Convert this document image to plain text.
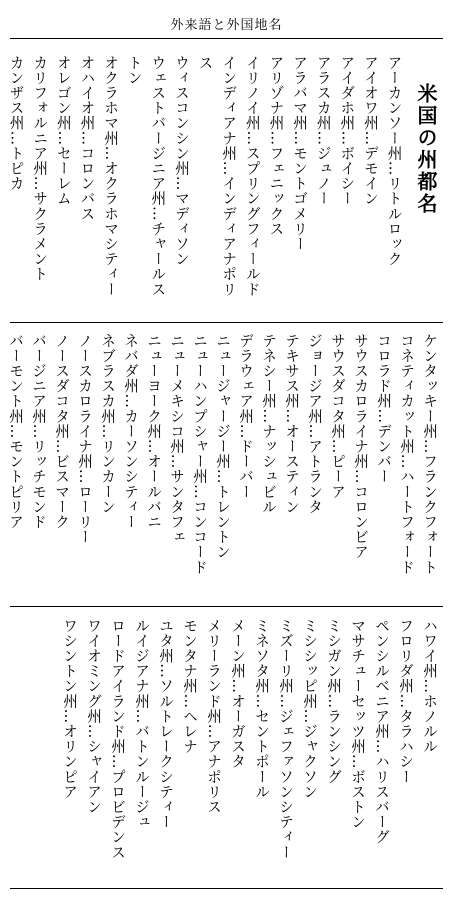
外来語と外国地名
米国の州都名
アーカンソー州…リトルロック
アイオワ州…デモイン
アイダホ州…ボイシー
アラスカ州…ジュノー
アラバマ州…モントゴメリー
アリゾナ州…フェニックス
イリノイ州…スプリングフィールド
インディアナ州…インディアナポリ
ス
ウィスコンシン州…マディソン
ウェストバージニア州…チャールス
トン
オクラホマ州…オクラホマシティー
オハイオ州…コロンバス
オレゴン州…セーレム
カリフォルニア州…サクラメント
カンザス州…トピカ
ケンタッキー州…フランクフォート
コネティカット州…ハートフォード
コロラド州…デンバー
サウスカロライナ州…コロンビア
サウスダコタ州…ピーア
ジョージア州…アトランタ
テキサス州…オースティン
テネシー州…ナッシュビル
デラウェア州…ドーバー
ニュージャージー州…トレントン
ニューハンプシャー州…コンコード
ニューメキシコ州…サンタフェ
ニューヨーク州…オールバニ
ネバダ州…カーソンシティー
ネブラスカ州…リンカーン
ノースカロライナ州…ローリー
ノースダコタ州…ビスマーク
バージニア州…リッチモンド
バーモント州…モントピリア
ハワイ州…ホノルル
フロリダ州…タラハシー
ペンシルベニア州…ハリスバーグ
マサチューセッツ州…ボストン
ミシガン州…ランシング
ミシシッピ州…ジャクソン
ミズーリ州…ジェファソンシティー
ミネソタ州…セントポール
メーン州…オーガスタ
メリーランド州…アナポリス
モンタナ州…ヘレナ
ユタ州…ソルトレークシティー
ルイジアナ州…バトンルージュ
ロードアイランド州…プロビデンス
ワイオミング州…シャイアン
ワシントン州…オリンピア
